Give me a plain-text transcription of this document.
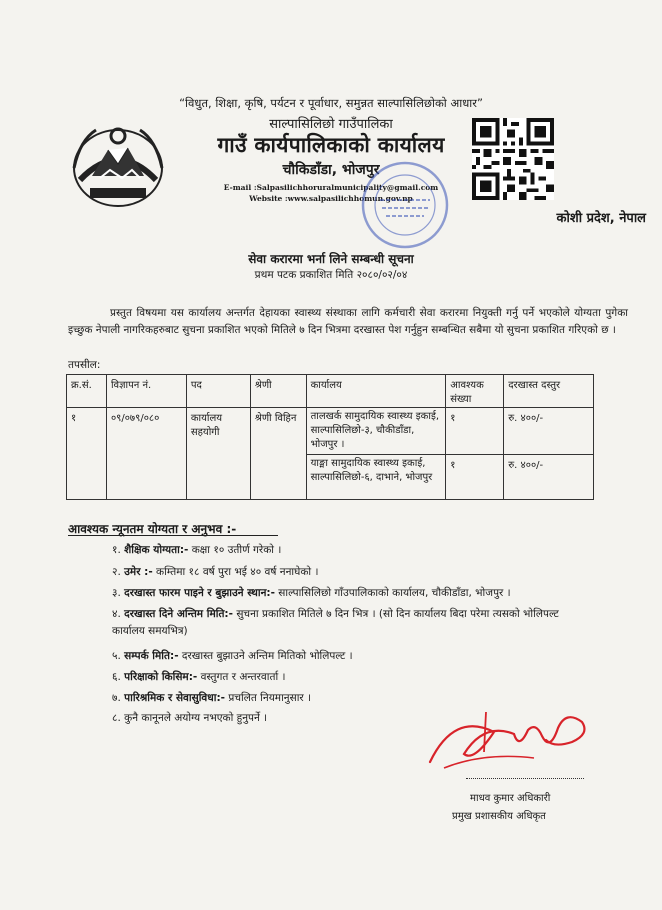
“विधुत, शिक्षा, कृषि, पर्यटन र पूर्वाधार, समुन्नत साल्पासिलिछोको आधार”
साल्पासिलिछो गाउँपालिका
गाउँ कार्यपालिकाको कार्यालय
चौकिडाँडा, भोजपुर
E-mail :Salpasilichhoruralmunicipality@gmail.com
Website :www.salpasilichhomun.gov.np
कोशी प्रदेश, नेपाल
सेवा करारमा भर्ना लिने सम्बन्धी सूचना
प्रथम पटक प्रकाशित मिति २०८०/०२/०४
प्रस्तुत विषयमा यस कार्यालय अन्तर्गत देहायका स्वास्थ्य संस्थाका लागि कर्मचारी सेवा करारमा नियुक्ती गर्नु पर्ने भएकोले योग्यता पुगेका इच्छुक नेपाली नागरिकहरुबाट सुचना प्रकाशित भएको मितिले ७ दिन भित्रमा दरखास्त पेश गर्नुहुन सम्बन्धित सबैमा यो सुचना प्रकाशित गरिएको छ ।
तपसील:
क्र.सं.	विज्ञापन नं.	पद	श्रेणी	कार्यालय	आवश्यक संख्या	दरखास्त दस्तुर
१	०९/०७९/०८०	कार्यालय सहयोगी	श्रेणी विहिन	तालखर्क सामुदायिक स्वास्थ्य इकाई, साल्पासिलिछो-३, चौकीडाँडा, भोजपुर ।	१	रु. ४००/-
				याङ्मा सामुदायिक स्वास्थ्य इकाई, साल्पासिलिछो-६, दाभाने, भोजपुर	१	रु. ४००/-
आवश्यक न्यूनतम योग्यता र अनुभव :-
१. शैक्षिक योग्यता:- कक्षा १० उतीर्ण गरेको ।
२. उमेर :- कम्तिमा १८ वर्ष पुरा भई ४० वर्ष ननाघेको ।
३. दरखास्त फारम पाइने र बुझाउने स्थान:- साल्पासिलिछो गाँउपालिकाको कार्यालय, चौकीडाँडा, भोजपुर ।
४. दरखास्त दिने अन्तिम मिति:- सुचना प्रकाशित मितिले ७ दिन भित्र । (सो दिन कार्यालय बिदा परेमा त्यसको भोलिपल्ट
कार्यालय समयभित्र)
५. सम्पर्क मिति:- दरखास्त बुझाउने अन्तिम मितिको भोलिपल्ट ।
६. परिक्षाको किसिम:- वस्तुगत र अन्तरवार्ता ।
७. पारिश्रमिक र सेवासुविधा:- प्रचलित नियमानुसार ।
८. कुनै कानूनले अयोग्य नभएको हुनुपर्ने ।
माधव कुमार अधिकारी
प्रमुख प्रशासकीय अधिकृत
